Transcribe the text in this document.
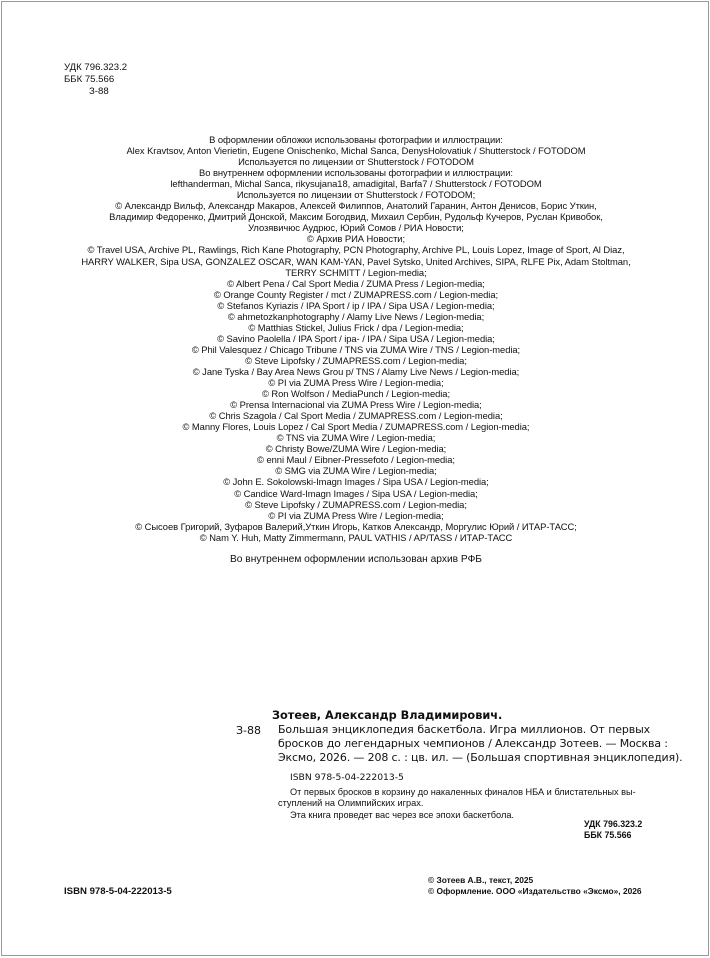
УДК 796.323.2
ББК 75.566
З-88
В оформлении обложки использованы фотографии и иллюстрации:
Alex Kravtsov, Anton Vierietin, Eugene Onischenko, Michal Sanca, DenysHolovatiuk / Shutterstock / FOTODOM
Используется по лицензии от Shutterstock / FOTODOM
Во внутреннем оформлении использованы фотографии и иллюстрации:
lefthanderman, Michal Sanca, rikysujana18, amadigital, Barfa7 / Shutterstock / FOTODOM
Используется по лицензии от Shutterstock / FOTODOM;
© Александр Вильф, Александр Макаров, Алексей Филиппов, Анатолий Гаранин, Антон Денисов, Борис Уткин,
Владимир Федоренко, Дмитрий Донской, Максим Богодвид, Михаил Сербин, Рудольф Кучеров, Руслан Кривобок,
Улозявичюс Аудрюс, Юрий Сомов / РИА Новости;
© Архив РИА Новости;
© Travel USA, Archive PL, Rawlings, Rich Kane Photography, PCN Photography, Archive PL, Louis Lopez, Image of Sport, Al Diaz,
HARRY WALKER, Sipa USA, GONZALEZ OSCAR, WAN KAM-YAN, Pavel Sytsko, United Archives, SIPA, RLFE Pix, Adam Stoltman,
TERRY SCHMITT / Legion-media;
© Albert Pena / Cal Sport Media / ZUMA Press / Legion-media;
© Orange County Register / mct / ZUMAPRESS.com / Legion-media;
© Stefanos Kyriazis / IPA Sport / ip / IPA / Sipa USA / Legion-media;
© ahmetozkanphotography / Alamy Live News / Legion-media;
© Matthias Stickel, Julius Frick / dpa / Legion-media;
© Savino Paolella / IPA Sport / ipa- / IPA / Sipa USA / Legion-media;
© Phil Valesquez / Chicago Tribune / TNS via ZUMA Wire / TNS / Legion-media;
© Steve Lipofsky / ZUMAPRESS.com / Legion-media;
© Jane Tyska / Bay Area News Grou p/ TNS / Alamy Live News / Legion-media;
© PI via ZUMA Press Wire / Legion-media;
© Ron Wolfson / MediaPunch / Legion-media;
© Prensa Internacional via ZUMA Press Wire / Legion-media;
© Chris Szagola / Cal Sport Media / ZUMAPRESS.com / Legion-media;
© Manny Flores, Louis Lopez / Cal Sport Media / ZUMAPRESS.com / Legion-media;
© TNS via ZUMA Wire / Legion-media;
© Christy Bowe/ZUMA Wire / Legion-media;
© enni Maul / Eibner-Pressefoto / Legion-media;
© SMG via ZUMA Wire / Legion-media;
© John E. Sokolowski-Imagn Images / Sipa USA / Legion-media;
© Candice Ward-Imagn Images / Sipa USA / Legion-media;
© Steve Lipofsky / ZUMAPRESS.com / Legion-media;
© PI via ZUMA Press Wire / Legion-media;
© Сысоев Григорий, Зуфаров Валерий,Уткин Игорь, Катков Александр, Моргулис Юрий / ИТАР-ТАСС;
© Nam Y. Huh, Matty Zimmermann, PAUL VATHIS / AP/TASS / ИТАР-ТАСС
Во внутреннем оформлении использован архив РФБ
З-88
Зотеев, Александр Владимирович.
Большая энциклопедия баскетбола. Игра миллионов. От первых
бросков до легендарных чемпионов / Александр Зотеев. — Москва :
Эксмо, 2026. — 208 с. : цв. ил. — (Большая спортивная энциклопедия).
ISBN 978-5-04-222013-5
От первых бросков в корзину до накаленных финалов НБА и блистательных вы-
ступлений на Олимпийских играх.
Эта книга проведет вас через все эпохи баскетбола.
УДК 796.323.2
ББК 75.566
ISBN 978-5-04-222013-5
© Зотеев А.В., текст, 2025
© Оформление. ООО «Издательство «Эксмо», 2026
